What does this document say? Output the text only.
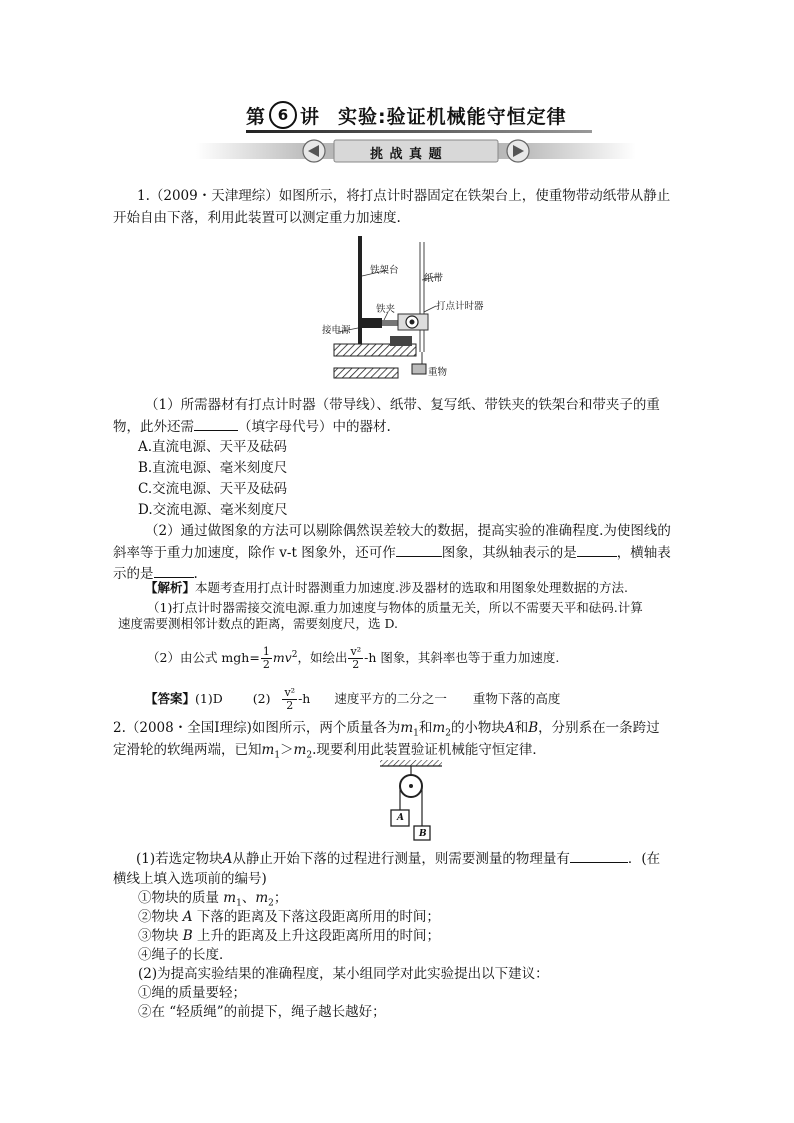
第 6 讲 实验:验证机械能守恒定律
挑 战 真 题
1.（2009・天津理综）如图所示，将打点计时器固定在铁架台上，使重物带动纸带从静止
开始自由下落，利用此装置可以测定重力加速度.
铁架台
纸带
铁夹	打点计时器
接电源
重物
（1）所需器材有打点计时器（带导线）、纸带、复写纸、带铁夹的铁架台和带夹子的重
物，此外还需	（填字母代号）中的器材.
A.直流电源、天平及砝码
B.直流电源、毫米刻度尺
C.交流电源、天平及砝码
D.交流电源、毫米刻度尺
（2）通过做图象的方法可以剔除偶然误差较大的数据，提高实验的准确程度.为使图线的
斜率等于重力加速度，除作 v-t 图象外，还可作	图象，其纵轴表示的是	，横轴表
示的是	.
【解析】本题考查用打点计时器测重力加速度.涉及器材的选取和用图象处理数据的方法.
（1)打点计时器需接交流电源.重力加速度与物体的质量无关，所以不需要天平和砝码.计算
速度需要测相邻计数点的距离，需要刻度尺，选 D.
（2）由公式 $mgh= \frac{1}{2} mv^2$，如绘出 $\frac{\text{v²}}{2} -h$ 图象，其斜率也等于重力加速度.
【答案】(1)D $(2) \frac{\text{v²}}{2} -h$ 速度平方的二分之一 重物下落的高度
2.（2008・全国Ⅰ理综)如图所示，两个质量各为$m_1$和$m_2$的小物块A和B，分别系在一条跨过
定滑轮的软绳两端，已知$m_1>m_2$.现要利用此装置验证机械能守恒定律．
A
B
(1)若选定物块A从静止开始下落的过程进行测量，则需要测量的物理量有	．(在
横线上填入选项前的编号)
①物块的质量 $m_1$、$m_2$；
②物块 A 下落的距离及下落这段距离所用的时间；
③物块 B 上升的距离及上升这段距离所用的时间；
④绳子的长度．
(2)为提高实验结果的准确程度，某小组同学对此实验提出以下建议：
①绳的质量要轻；
②在 “轻质绳”的前提下，绳子越长越好；
